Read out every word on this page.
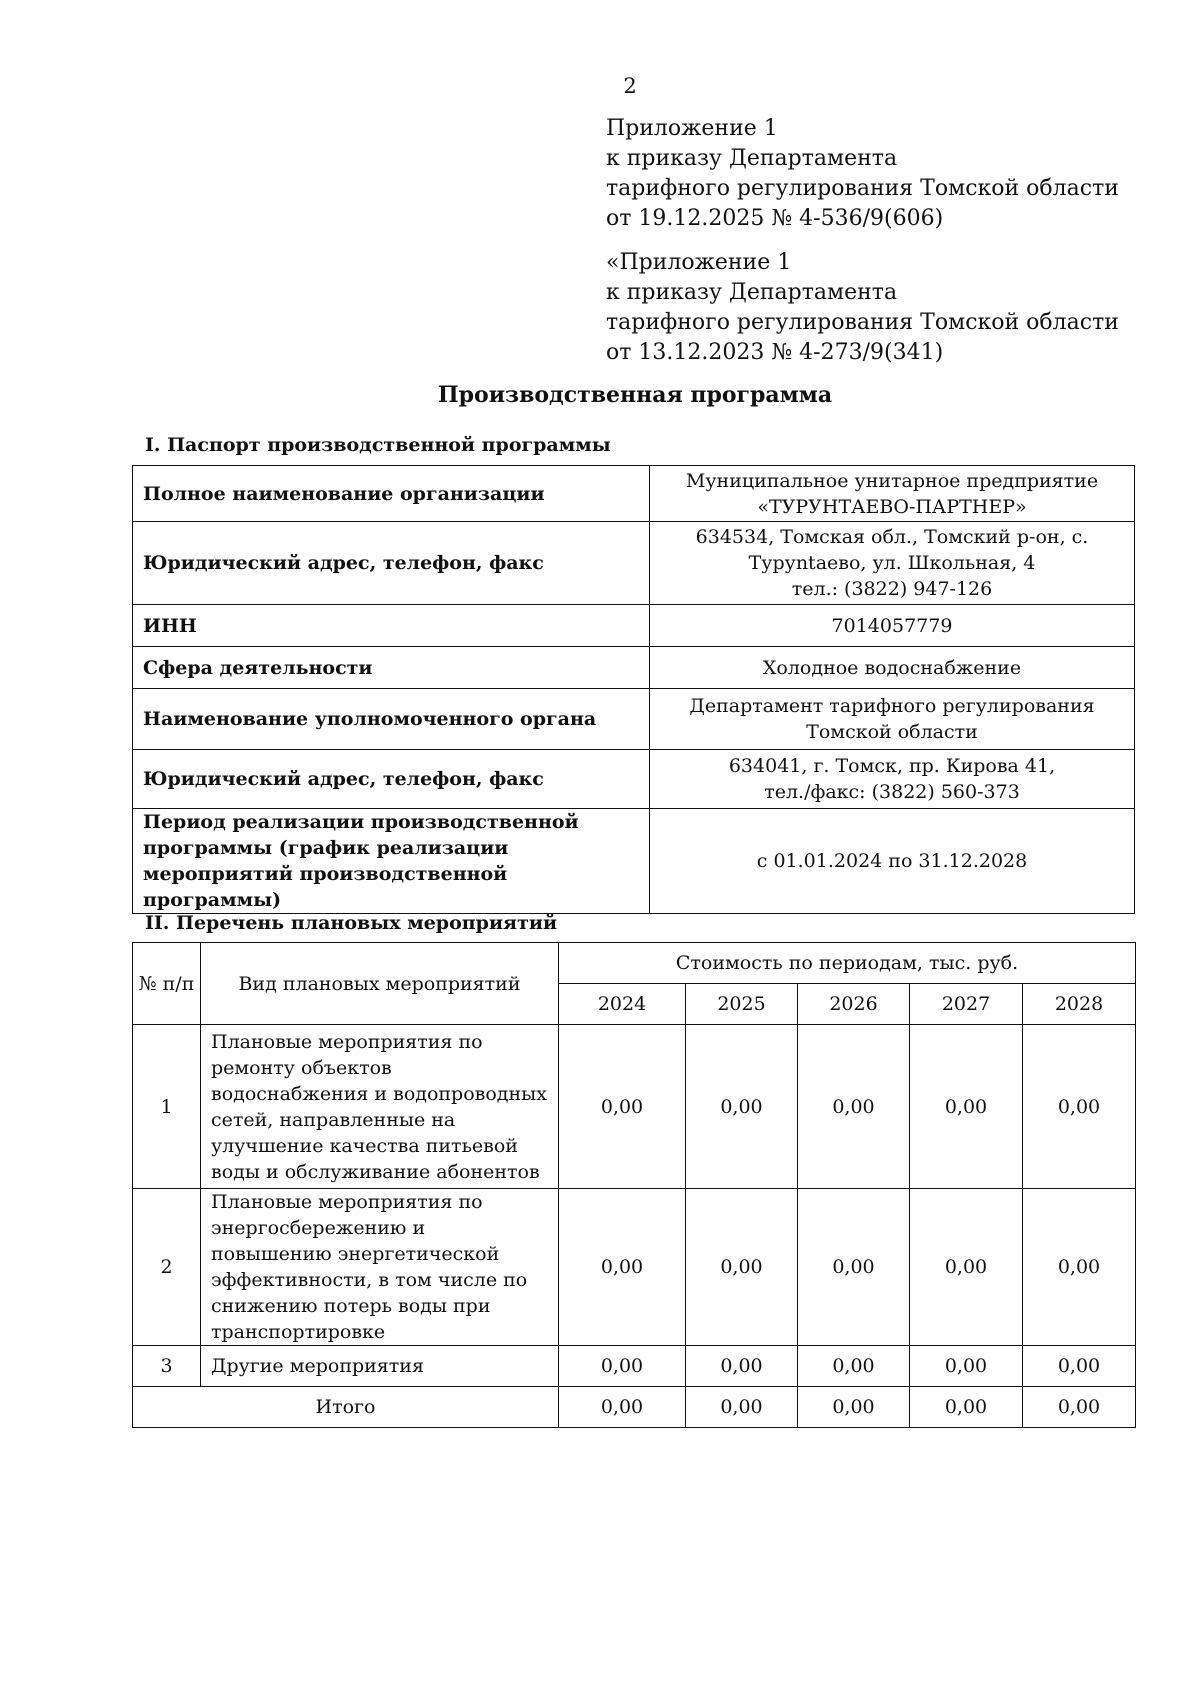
2
Приложение 1
к приказу Департамента
тарифного регулирования Томской области
от 19.12.2025 № 4-536/9(606)
«Приложение 1
к приказу Департамента
тарифного регулирования Томской области
от 13.12.2023 № 4-273/9(341)
Производственная программа
I. Паспорт производственной программы
Полное наименование организации	Муниципальное унитарное предприятие
«ТУРУНТАЕВО-ПАРТНЕР»

Юридический адрес, телефон, факс	634534, Томская обл., Томский р-он, с.
Туруntaево, ул. Школьная, 4
тел.: (3822) 947-126

ИНН	7014057779

Сфера деятельности	Холодное водоснабжение

Наименование уполномоченного органа	Департамент тарифного регулирования
Томской области

Юридический адрес, телефон, факс	634041, г. Томск, пр. Кирова 41,
тел./факс: (3822) 560-373

Период реализации производственной программы (график реализации мероприятий производственной программы)	с 01.01.2024 по 31.12.2028
II. Перечень плановых мероприятий
№ п/п	Вид плановых мероприятий	Стоимость по периодам, тыс. руб.				
		2024	2025	2026	2027	2028
1	Плановые мероприятия по ремонту объектов водоснабжения и водопроводных сетей, направленные на улучшение качества питьевой воды и обслуживание абонентов	0,00	0,00	0,00	0,00	0,00
2	Плановые мероприятия по энергосбережению и повышению энергетической эффективности, в том числе по снижению потерь воды при транспортировке	0,00	0,00	0,00	0,00	0,00
3	Другие мероприятия	0,00	0,00	0,00	0,00	0,00
Итого		0,00	0,00	0,00	0,00	0,00
